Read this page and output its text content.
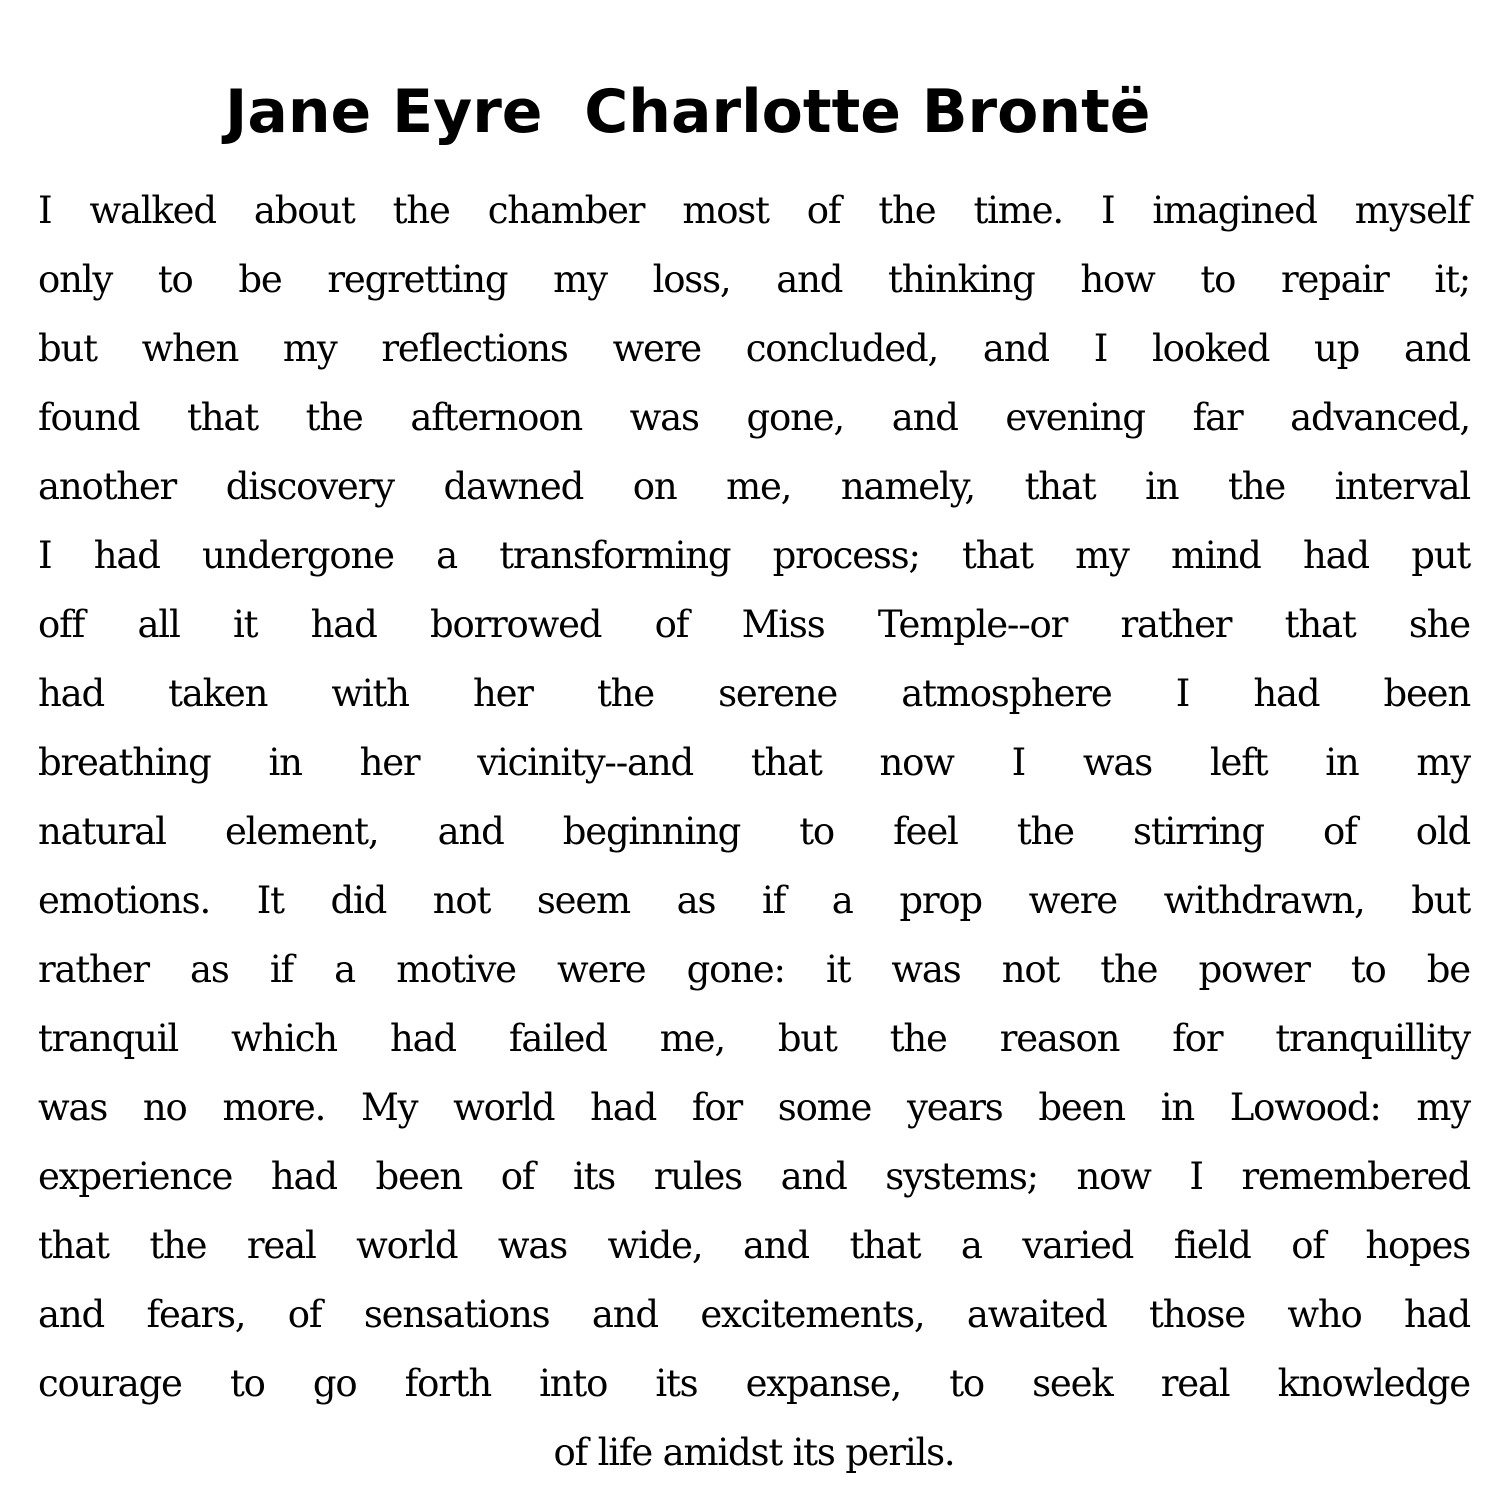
Jane Eyre  Charlotte Brontë
I walked about the chamber most of the time. I imagined myself
only to be regretting my loss, and thinking how to repair it;
but when my reflections were concluded, and I looked up and
found that the afternoon was gone, and evening far advanced,
another discovery dawned on me, namely, that in the interval
I had undergone a transforming process; that my mind had put
off all it had borrowed of Miss Temple--or rather that she
had taken with her the serene atmosphere I had been
breathing in her vicinity--and that now I was left in my
natural element, and beginning to feel the stirring of old
emotions. It did not seem as if a prop were withdrawn, but
rather as if a motive were gone: it was not the power to be
tranquil which had failed me, but the reason for tranquillity
was no more. My world had for some years been in Lowood: my
experience had been of its rules and systems; now I remembered
that the real world was wide, and that a varied field of hopes
and fears, of sensations and excitements, awaited those who had
courage to go forth into its expanse, to seek real knowledge
of life amidst its perils.
